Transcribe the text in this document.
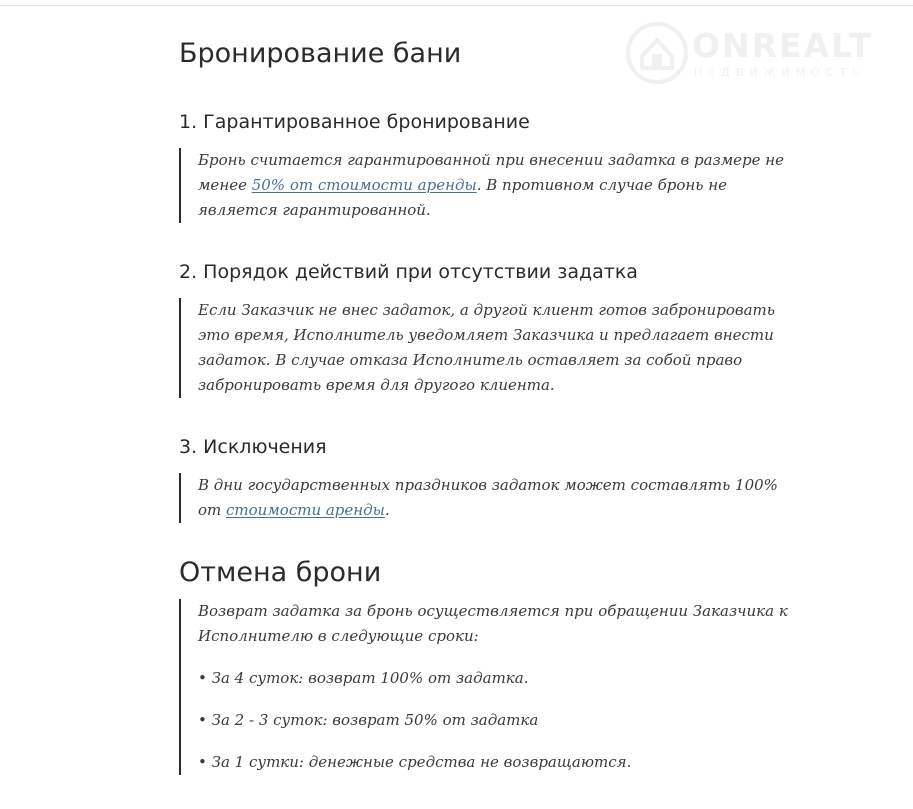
ONREALT
НЕДВИЖИМОСТЬ
Бронирование бани
1. Гарантированное бронирование

Бронь считается гарантированной при внесении задатка в размере не менее 50% от стоимости аренды. В противном случае бронь не является гарантированной.

2. Порядок действий при отсутствии задатка

Если Заказчик не внес задаток, а другой клиент готов забронировать это время, Исполнитель уведомляет Заказчика и предлагает внести задаток. В случае отказа Исполнитель оставляет за собой право забронировать время для другого клиента.

3. Исключения

В дни государственных праздников задаток может составлять 100% от стоимости аренды.

Отмена брони

Возврат задатка за бронь осуществляется при обращении Заказчика к Исполнителю в следующие сроки:

• За 4 суток: возврат 100% от задатка.

• За 2 - 3 суток: возврат 50% от задатка

• За 1 сутки: денежные средства не возвращаются.
